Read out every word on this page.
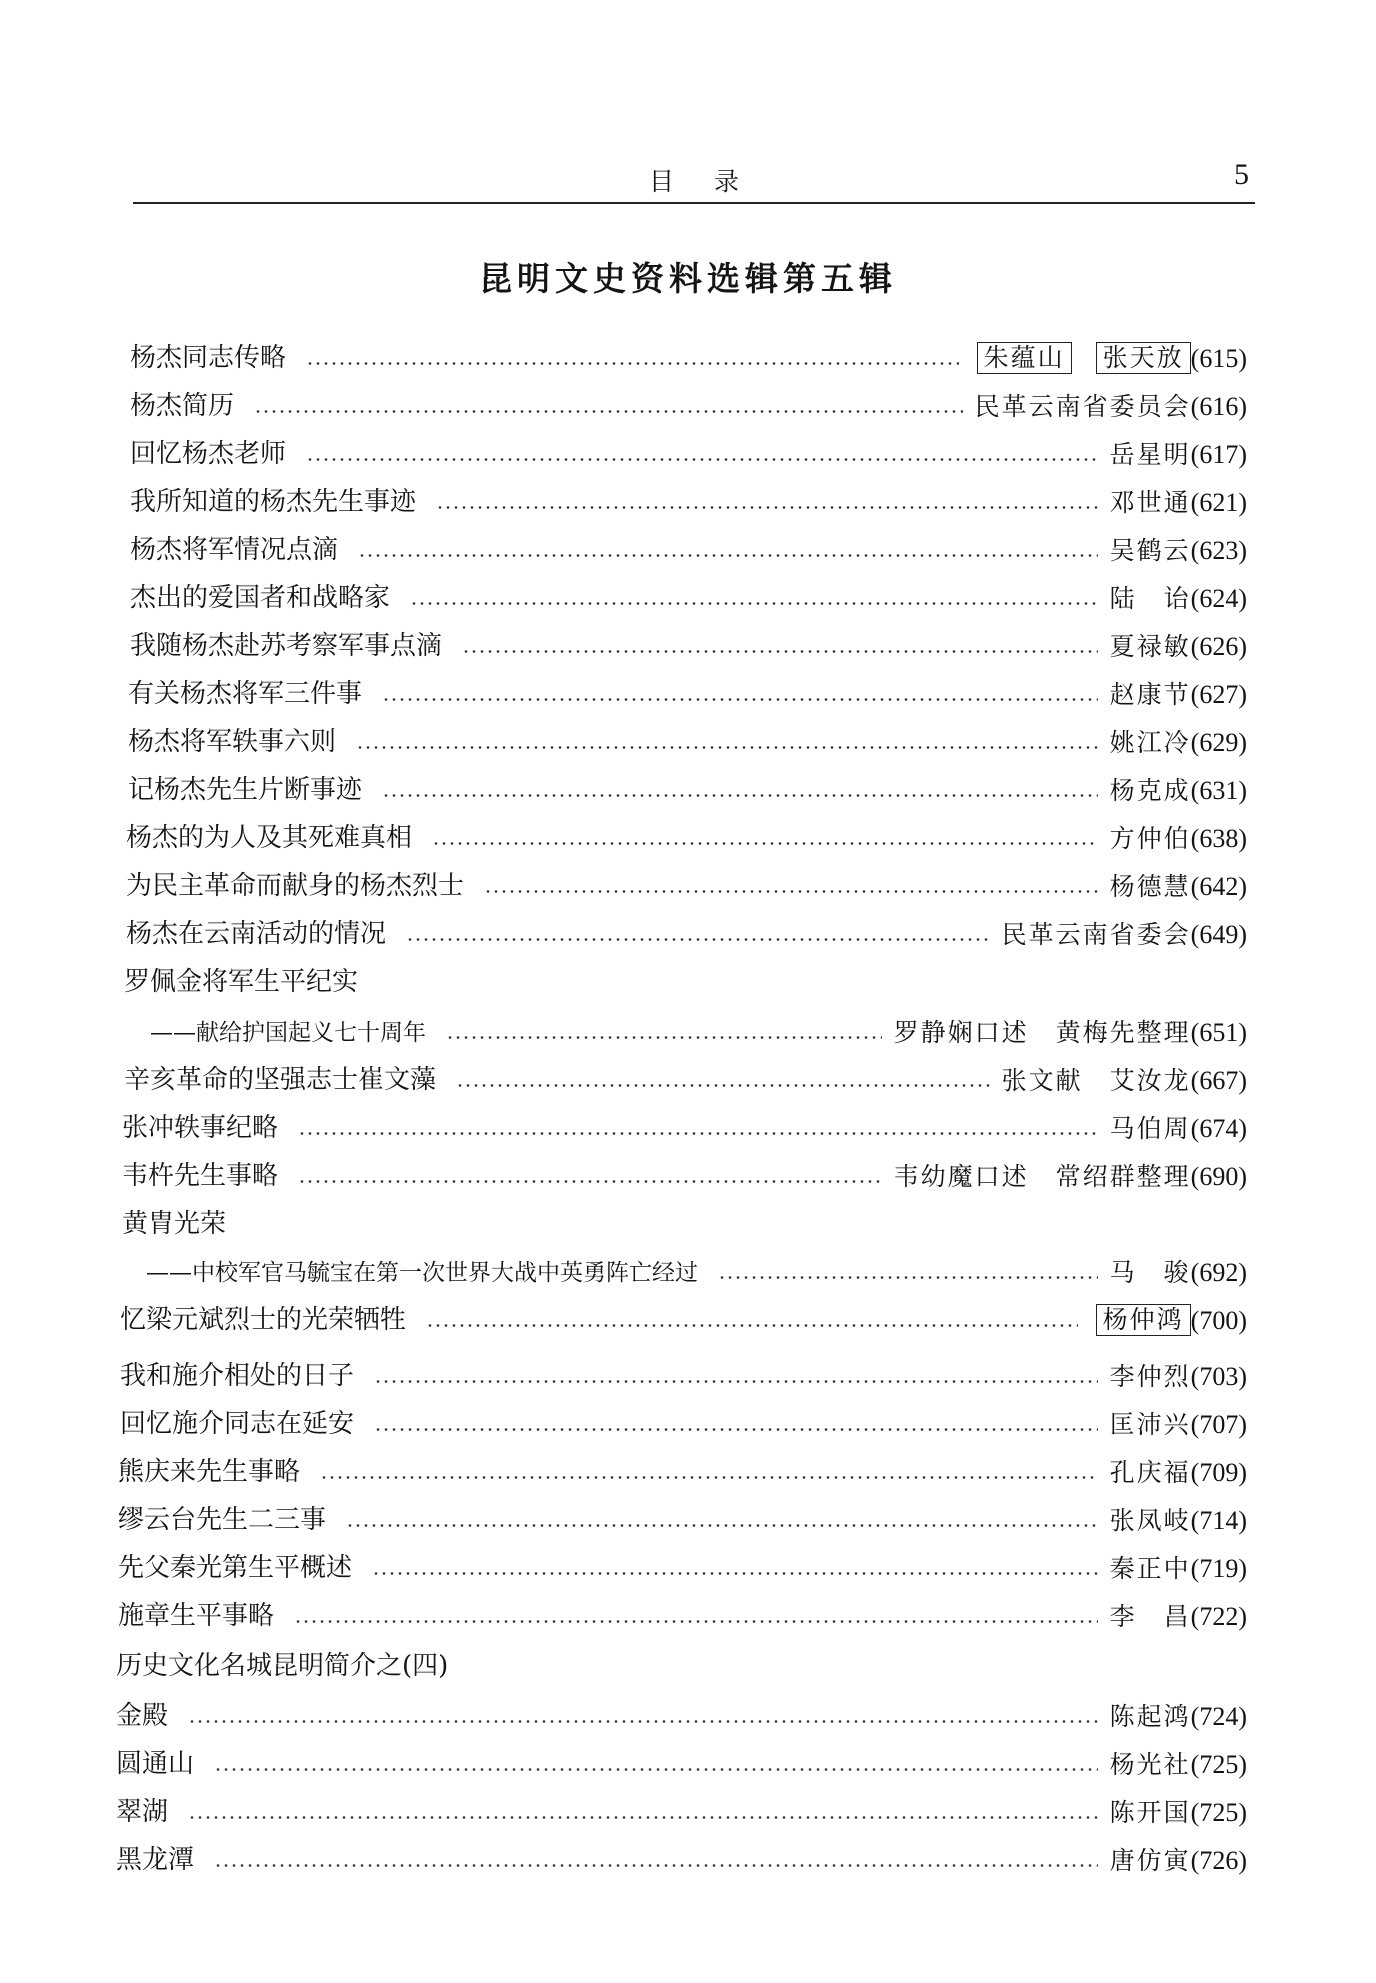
目录	5
昆明文史资料选辑第五辑
杨杰同志传略	朱蕴山 张天放 (615)
杨杰简历	民革云南省委员会 (616)
回忆杨杰老师	岳星明 (617)
我所知道的杨杰先生事迹	邓世通 (621)
杨杰将军情况点滴	吴鹤云 (623)
杰出的爱国者和战略家	陆　诒 (624)
我随杨杰赴苏考察军事点滴	夏禄敏 (626)
有关杨杰将军三件事	赵康节 (627)
杨杰将军轶事六则	姚江冷 (629)
记杨杰先生片断事迹	杨克成 (631)
杨杰的为人及其死难真相	方仲伯 (638)
为民主革命而献身的杨杰烈士	杨德慧 (642)
杨杰在云南活动的情况	民革云南省委会 (649)
罗佩金将军生平纪实
——献给护国起义七十周年	罗静娴口述　黄梅先整理 (651)
辛亥革命的坚强志士崔文藻	张文献　艾汝龙 (667)
张冲轶事纪略	马伯周 (674)
韦杵先生事略	韦幼魔口述　常绍群整理 (690)
黄胄光荣
——中校军官马毓宝在第一次世界大战中英勇阵亡经过	马　骏 (692)
忆梁元斌烈士的光荣牺牲	杨仲鸿 (700)
我和施介相处的日子	李仲烈 (703)
回忆施介同志在延安	匡沛兴 (707)
熊庆来先生事略	孔庆福 (709)
缪云台先生二三事	张凤岐 (714)
先父秦光第生平概述	秦正中 (719)
施章生平事略	李　昌 (722)
历史文化名城昆明简介之(四)
金殿	陈起鸿 (724)
圆通山	杨光社 (725)
翠湖	陈开国 (725)
黑龙潭	唐仿寅 (726)
